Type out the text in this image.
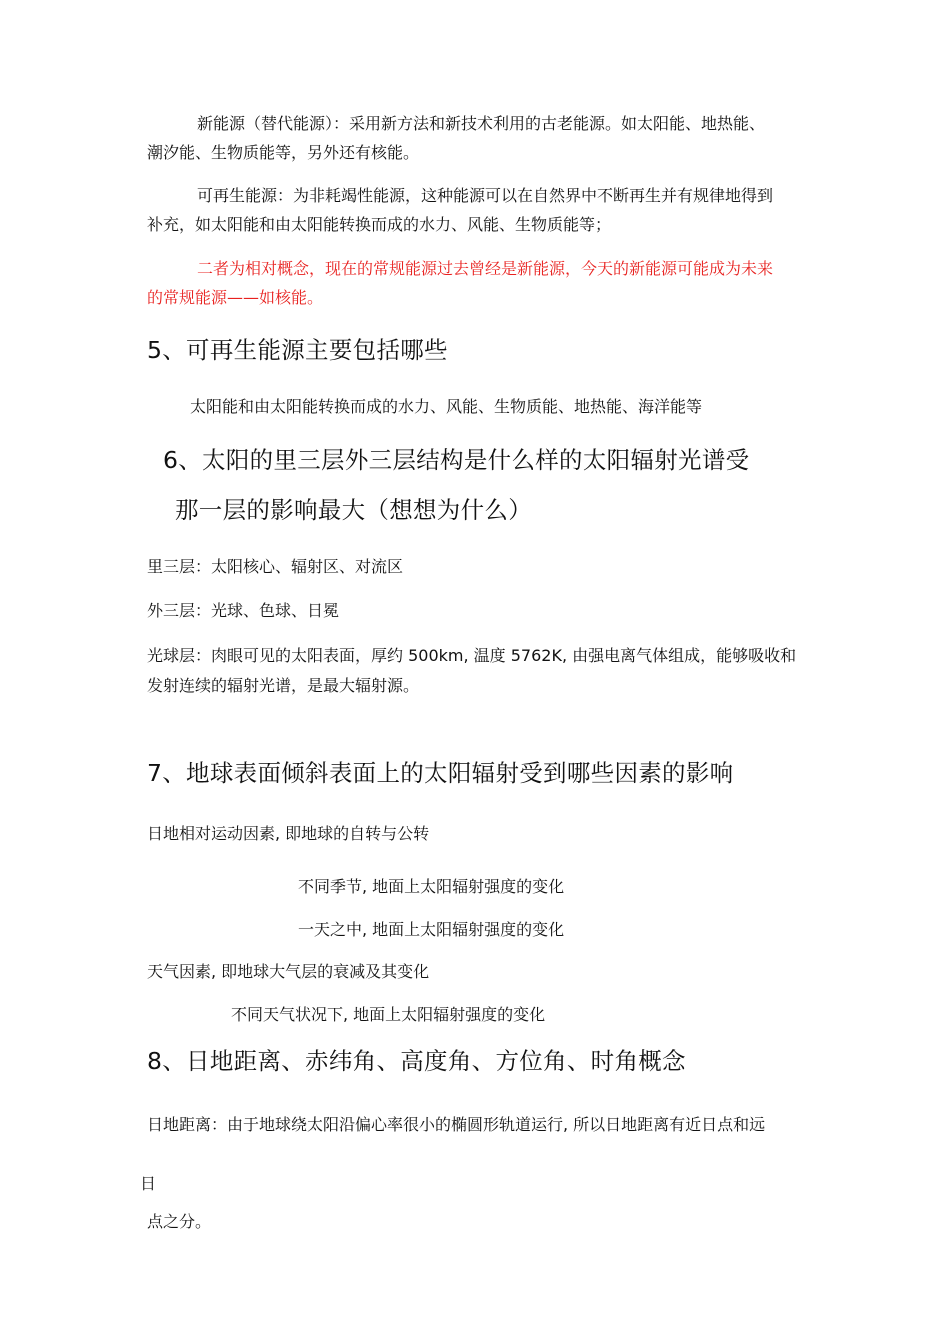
新能源（替代能源）：采用新方法和新技术利用的古老能源。如太阳能、地热能、

潮汐能、生物质能等，另外还有核能。

可再生能源：为非耗竭性能源，这种能源可以在自然界中不断再生并有规律地得到

补充，如太阳能和由太阳能转换而成的水力、风能、生物质能等；

二者为相对概念，现在的常规能源过去曾经是新能源，今天的新能源可能成为未来

的常规能源——如核能。

5、可再生能源主要包括哪些

太阳能和由太阳能转换而成的水力、风能、生物质能、地热能、海洋能等

6、太阳的里三层外三层结构是什么样的太阳辐射光谱受
那一层的影响最大（想想为什么）

里三层：太阳核心、辐射区、对流区

外三层：光球、色球、日冕

光球层：肉眼可见的太阳表面，厚约 500km, 温度 5762K, 由强电离气体组成，能够吸收和

发射连续的辐射光谱，是最大辐射源。

7、地球表面倾斜表面上的太阳辐射受到哪些因素的影响

日地相对运动因素, 即地球的自转与公转

不同季节, 地面上太阳辐射强度的变化

一天之中, 地面上太阳辐射强度的变化

天气因素, 即地球大气层的衰减及其变化

不同天气状况下, 地面上太阳辐射强度的变化

8、日地距离、赤纬角、高度角、方位角、时角概念

日地距离：由于地球绕太阳沿偏心率很小的椭圆形轨道运行, 所以日地距离有近日点和远

日

点之分。
